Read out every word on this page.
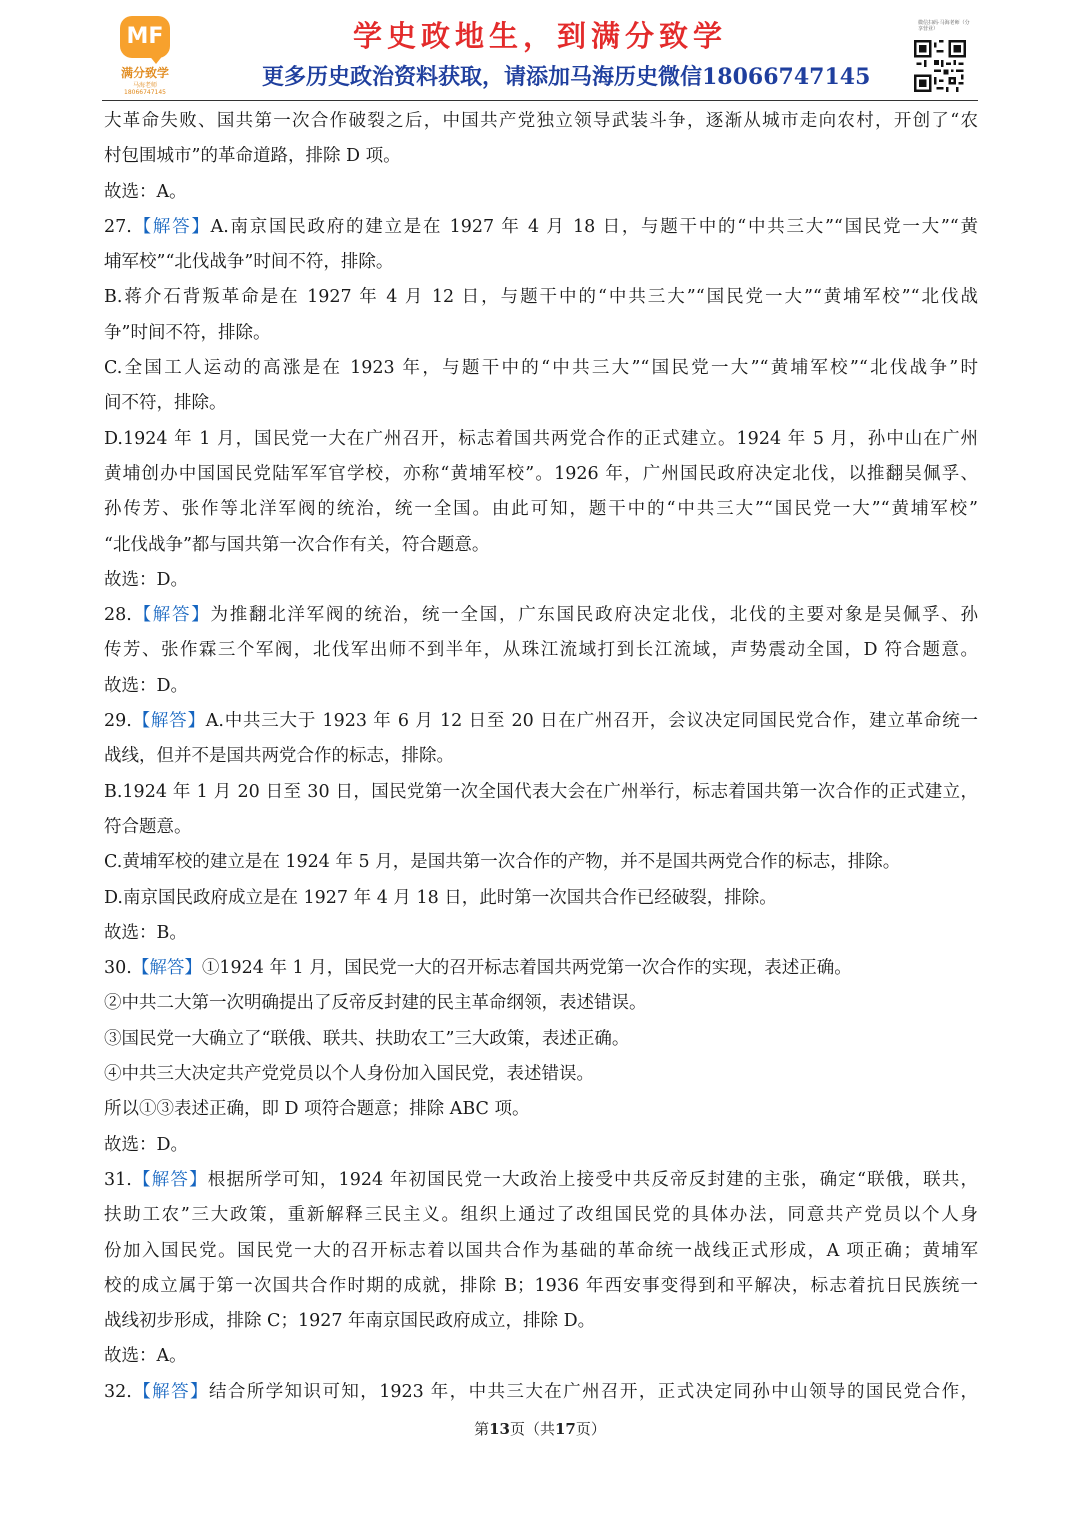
MF
满分致学
马海老师 18066747145
学史政地生，到满分致学
更多历史政治资料获取，请添加马海历史微信18066747145
微信扫码·马海老师（分享营业）
大革命失败、国共第一次合作破裂之后，中国共产党独立领导武装斗争，逐渐从城市走向农村，开创了“农
村包围城市”的革命道路，排除 D 项。
故选：A。
27.【解答】A.南京国民政府的建立是在 1927 年 4 月 18 日，与题干中的“中共三大”“国民党一大”“黄
埔军校”“北伐战争”时间不符，排除。
B.蒋介石背叛革命是在 1927 年 4 月 12 日，与题干中的“中共三大”“国民党一大”“黄埔军校”“北伐战
争”时间不符，排除。
C.全国工人运动的高涨是在 1923 年，与题干中的“中共三大”“国民党一大”“黄埔军校”“北伐战争”时
间不符，排除。
D.1924 年 1 月，国民党一大在广州召开，标志着国共两党合作的正式建立。1924 年 5 月，孙中山在广州
黄埔创办中国国民党陆军军官学校，亦称“黄埔军校”。1926 年，广州国民政府决定北伐，以推翻吴佩孚、
孙传芳、张作等北洋军阀的统治，统一全国。由此可知，题干中的“中共三大”“国民党一大”“黄埔军校”
“北伐战争”都与国共第一次合作有关，符合题意。
故选：D。
28.【解答】为推翻北洋军阀的统治，统一全国，广东国民政府决定北伐，北伐的主要对象是吴佩孚、孙
传芳、张作霖三个军阀，北伐军出师不到半年，从珠江流域打到长江流域，声势震动全国，D 符合题意。
故选：D。
29.【解答】A.中共三大于 1923 年 6 月 12 日至 20 日在广州召开，会议决定同国民党合作，建立革命统一
战线，但并不是国共两党合作的标志，排除。
B.1924 年 1 月 20 日至 30 日，国民党第一次全国代表大会在广州举行，标志着国共第一次合作的正式建立，
符合题意。
C.黄埔军校的建立是在 1924 年 5 月，是国共第一次合作的产物，并不是国共两党合作的标志，排除。
D.南京国民政府成立是在 1927 年 4 月 18 日，此时第一次国共合作已经破裂，排除。
故选：B。
30.【解答】①1924 年 1 月，国民党一大的召开标志着国共两党第一次合作的实现，表述正确。
②中共二大第一次明确提出了反帝反封建的民主革命纲领，表述错误。
③国民党一大确立了“联俄、联共、扶助农工”三大政策，表述正确。
④中共三大决定共产党党员以个人身份加入国民党，表述错误。
所以①③表述正确，即 D 项符合题意；排除 ABC 项。
故选：D。
31.【解答】根据所学可知，1924 年初国民党一大政治上接受中共反帝反封建的主张，确定“联俄，联共，
扶助工农”三大政策，重新解释三民主义。组织上通过了改组国民党的具体办法，同意共产党员以个人身
份加入国民党。国民党一大的召开标志着以国共合作为基础的革命统一战线正式形成，A 项正确；黄埔军
校的成立属于第一次国共合作时期的成就，排除 B；1936 年西安事变得到和平解决，标志着抗日民族统一
战线初步形成，排除 C；1927 年南京国民政府成立，排除 D。
故选：A。
32.【解答】结合所学知识可知，1923 年，中共三大在广州召开，正式决定同孙中山领导的国民党合作，
第13页（共17页）
